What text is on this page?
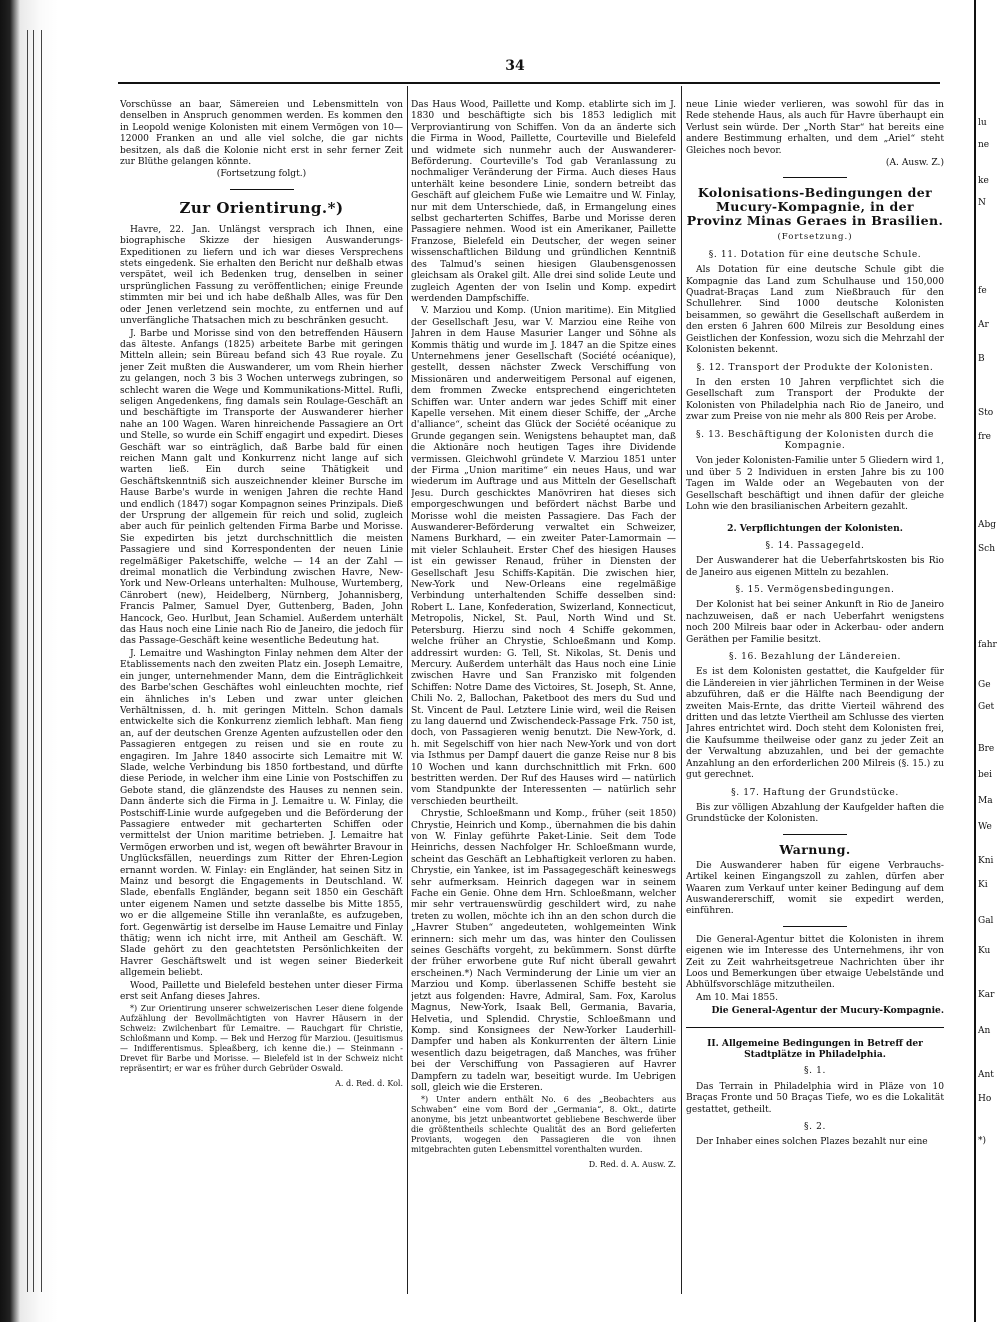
lu
ne
ke
N
fe
Ar
B
Sto
fre
Abg
Sch
fahr
Ge
Get
Bre
bei
Ma
We
Kni
Ki
Gal
Ku
Kar
An
Ant
Ho
*)
34

Vorschüsse an baar, Sämereien und Lebensmitteln von denselben in Anspruch genommen werden. Es kommen den in Leopold wenige Kolonisten mit einem Vermögen von 10—12000 Franken an und alle viel solche, die gar nichts besitzen, als daß die Kolonie nicht erst in sehr ferner Zeit zur Blüthe gelangen könnte.

(Fortsetzung folgt.)

Zur Orientirung.*)

Havre, 22. Jan. Unlängst versprach ich Ihnen, eine biographische Skizze der hiesigen Auswanderungs-Expeditionen zu liefern und ich war dieses Versprechens stets eingedenk. Sie erhalten den Bericht nur deßhalb etwas verspätet, weil ich Bedenken trug, denselben in seiner ursprünglichen Fassung zu veröffentlichen; einige Freunde stimmten mir bei und ich habe deßhalb Alles, was für Den oder Jenen verletzend sein mochte, zu entfernen und auf unverfängliche Thatsachen mich zu beschränken gesucht.

J. Barbe und Morisse sind von den betreffenden Häusern das älteste. Anfangs (1825) arbeitete Barbe mit geringen Mitteln allein; sein Büreau befand sich 43 Rue royale. Zu jener Zeit mußten die Auswanderer, um vom Rhein hierher zu gelangen, noch 3 bis 3 Wochen unterwegs zubringen, so schlecht waren die Wege und Kommunikations-Mittel. Rufli, seligen Angedenkens, fing damals sein Roulage-Geschäft an und beschäftigte im Transporte der Auswanderer hierher nahe an 100 Wagen. Waren hinreichende Passagiere an Ort und Stelle, so wurde ein Schiff engagirt und expedirt. Dieses Geschäft war so einträglich, daß Barbe bald für einen reichen Mann galt und Konkurrenz nicht lange auf sich warten ließ. Ein durch seine Thätigkeit und Geschäftskenntniß sich auszeichnender kleiner Bursche im Hause Barbe's wurde in wenigen Jahren die rechte Hand und endlich (1847) sogar Kompagnon seines Prinzipals. Dieß der Ursprung der allgemein für reich und solid, zugleich aber auch für peinlich geltenden Firma Barbe und Morisse. Sie expedirten bis jetzt durchschnittlich die meisten Passagiere und sind Korrespondenten der neuen Linie regelmäßiger Paketschiffe, welche — 14 an der Zahl — dreimal monatlich die Verbindung zwischen Havre, New-York und New-Orleans unterhalten: Mulhouse, Wurtemberg, Cänrobert (new), Heidelberg, Nürnberg, Johannisberg, Francis Palmer, Samuel Dyer, Guttenberg, Baden, John Hancock, Geo. Hurlbut, Jean Schamiel. Außerdem unterhält das Haus noch eine Linie nach Rio de Janeiro, die jedoch für das Passage-Geschäft keine wesentliche Bedeutung hat.

J. Lemaitre und Washington Finlay nehmen dem Alter der Etablissements nach den zweiten Platz ein. Joseph Lemaitre, ein junger, unternehmender Mann, dem die Einträglichkeit des Barbe'schen Geschäftes wohl einleuchten mochte, rief ein ähnliches in's Leben und zwar unter gleichen Verhältnissen, d. h. mit geringen Mitteln. Schon damals entwickelte sich die Konkurrenz ziemlich lebhaft. Man fieng an, auf der deutschen Grenze Agenten aufzustellen oder den Passagieren entgegen zu reisen und sie en route zu engagiren. Im Jahre 1840 associrte sich Lemaitre mit W. Slade, welche Verbindung bis 1850 fortbestand, und dürfte diese Periode, in welcher ihm eine Linie von Postschiffen zu Gebote stand, die glänzendste des Hauses zu nennen sein. Dann änderte sich die Firma in J. Lemaitre u. W. Finlay, die Postschiff-Linie wurde aufgegeben und die Beförderung der Passagiere entweder mit gecharterten Schiffen oder vermittelst der Union maritime betrieben. J. Lemaitre hat Vermögen erworben und ist, wegen oft bewährter Bravour in Unglücksfällen, neuerdings zum Ritter der Ehren-Legion ernannt worden. W. Finlay: ein Engländer, hat seinen Sitz in Mainz und besorgt die Engagements in Deutschland. W. Slade, ebenfalls Engländer, begann seit 1850 ein Geschäft unter eigenem Namen und setzte dasselbe bis Mitte 1855, wo er die allgemeine Stille ihn veranlaßte, es aufzugeben, fort. Gegenwärtig ist derselbe im Hause Lemaitre und Finlay thätig; wenn ich nicht irre, mit Antheil am Geschäft. W. Slade gehört zu den geachtetsten Persönlichkeiten der Havrer Geschäftswelt und ist wegen seiner Biederkeit allgemein beliebt.

Wood, Paillette und Bielefeld bestehen unter dieser Firma erst seit Anfang dieses Jahres.

*) Zur Orientirung unserer schweizerischen Leser diene folgende Aufzählung der Bevollmächtigten von Havrer Häusern in der Schweiz: Zwilchenbart für Lemaitre. — Rauchgart für Christie, Schloßmann und Komp. — Bek und Herzog für Marziou. (Jesuitismus — Indifferentismus. Spleaßberg, ich kenne die.) — Steinmann - Drevet für Barbe und Morisse. — Bielefeld ist in der Schweiz nicht repräsentirt; er war es früher durch Gebrüder Oswald.

A. d. Red. d. Kol.

Das Haus Wood, Paillette und Komp. etablirte sich im J. 1830 und beschäftigte sich bis 1853 lediglich mit Verproviantirung von Schiffen. Von da an änderte sich die Firma in Wood, Paillette, Courteville und Bielefeld und widmete sich nunmehr auch der Auswanderer-Beförderung. Courteville's Tod gab Veranlassung zu nochmaliger Veränderung der Firma. Auch dieses Haus unterhält keine besondere Linie, sondern betreibt das Geschäft auf gleichem Fuße wie Lemaitre und W. Finlay, nur mit dem Unterschiede, daß, in Ermangelung eines selbst gecharterten Schiffes, Barbe und Morisse deren Passagiere nehmen. Wood ist ein Amerikaner, Paillette Franzose, Bielefeld ein Deutscher, der wegen seiner wissenschaftlichen Bildung und gründlichen Kenntniß des Talmud's seinen hiesigen Glaubensgenossen gleichsam als Orakel gilt. Alle drei sind solide Leute und zugleich Agenten der von Iselin und Komp. expedirt werdenden Dampfschiffe.

V. Marziou und Komp. (Union maritime). Ein Mitglied der Gesellschaft Jesu, war V. Marziou eine Reihe von Jahren in dem Hause Masurier Langer und Söhne als Kommis thätig und wurde im J. 1847 an die Spitze eines Unternehmens jener Gesellschaft (Société océanique), gestellt, dessen nächster Zweck Verschiffung von Missionären und anderweitigem Personal auf eigenen, dem frommen Zwecke entsprechend eingerichteten Schiffen war. Unter andern war jedes Schiff mit einer Kapelle versehen. Mit einem dieser Schiffe, der „Arche d'alliance“, scheint das Glück der Société océanique zu Grunde gegangen sein. Wenigstens behauptet man, daß die Aktionäre noch heutigen Tages ihre Dividende vermissen. Gleichwohl gründete V. Marziou 1851 unter der Firma „Union maritime“ ein neues Haus, und war wiederum im Auftrage und aus Mitteln der Gesellschaft Jesu. Durch geschicktes Manövriren hat dieses sich emporgeschwungen und befördert nächst Barbe und Morisse wohl die meisten Passagiere. Das Fach der Auswanderer-Beförderung verwaltet ein Schweizer, Namens Burkhard, — ein zweiter Pater-Lamormain — mit vieler Schlauheit. Erster Chef des hiesigen Hauses ist ein gewisser Renaud, früher in Diensten der Gesellschaft Jesu Schiffs-Kapitän. Die zwischen hier, New-York und New-Orleans eine regelmäßige Verbindung unterhaltenden Schiffe desselben sind: Robert L. Lane, Konfederation, Swizerland, Konnecticut, Metropolis, Nickel, St. Paul, North Wind und St. Petersburg. Hierzu sind noch 4 Schiffe gekommen, welche früher an Chrystie, Schloeßmann und Komp. addressirt wurden: G. Tell, St. Nikolas, St. Denis und Mercury. Außerdem unterhält das Haus noch eine Linie zwischen Havre und San Franzisko mit folgenden Schiffen: Notre Dame des Victoires, St. Joseph, St. Anne, Chili No. 2, Ballochan, Paketboot des mers du Sud und St. Vincent de Paul. Letztere Linie wird, weil die Reisen zu lang dauernd und Zwischendeck-Passage Frk. 750 ist, doch, von Passagieren wenig benutzt. Die New-York, d. h. mit Segelschiff von hier nach New-York und von dort via Isthmus per Dampf dauert die ganze Reise nur 8 bis 10 Wochen und kann durchschnittlich mit Frkn. 600 bestritten werden. Der Ruf des Hauses wird — natürlich vom Standpunkte der Interessenten — natürlich sehr verschieden beurtheilt.

Chrystie, Schloeßmann und Komp., früher (seit 1850) Chrystie, Heinrich und Komp., übernahmen die bis dahin von W. Finlay geführte Paket-Linie. Seit dem Tode Heinrichs, dessen Nachfolger Hr. Schloeßmann wurde, scheint das Geschäft an Lebhaftigkeit verloren zu haben. Chrystie, ein Yankee, ist im Passagegeschäft keineswegs sehr aufmerksam. Heinrich dagegen war in seinem Fache ein Genie. Ohne dem Hrn. Schloeßmann, welcher mir sehr vertrauenswürdig geschildert wird, zu nahe treten zu wollen, möchte ich ihn an den schon durch die „Havrer Stuben“ angedeuteten, wohlgemeinten Wink erinnern: sich mehr um das, was hinter den Coulissen seines Geschäfts vorgeht, zu bekümmern. Sonst dürfte der früher erworbene gute Ruf nicht überall gewahrt erscheinen.*) Nach Verminderung der Linie um vier an Marziou und Komp. überlassenen Schiffe besteht sie jetzt aus folgenden: Havre, Admiral, Sam. Fox, Karolus Magnus, New-York, Isaak Bell, Germania, Bavaria, Helvetia, und Splendid. Chrystie, Schloeßmann und Komp. sind Konsignees der New-Yorker Lauderhill-Dampfer und haben als Konkurrenten der ältern Linie wesentlich dazu beigetragen, daß Manches, was früher bei der Verschiffung von Passagieren auf Havrer Dampfern zu tadeln war, beseitigt wurde. Im Uebrigen soll, gleich wie die Ersteren.

*) Unter andern enthält No. 6 des „Beobachters aus Schwaben“ eine vom Bord der „Germania“, 8. Okt., datirte anonyme, bis jetzt unbeantwortet gebliebene Beschwerde über die größtentheils schlechte Qualität des an Bord gelieferten Proviants, wogegen den Passagieren die von ihnen mitgebrachten guten Lebensmittel vorenthalten wurden.

D. Red. d. A. Ausw. Z.

neue Linie wieder verlieren, was sowohl für das in Rede stehende Haus, als auch für Havre überhaupt ein Verlust sein würde. Der „North Star“ hat bereits eine andere Bestimmung erhalten, und dem „Ariel“ steht Gleiches noch bevor.

(A. Ausw. Z.)
Kolonisations-Bedingungen der Mucury-Kompagnie, in der Provinz Minas Geraes in Brasilien.
(Fortsetzung.)
§. 11. Dotation für eine deutsche Schule.

Als Dotation für eine deutsche Schule gibt die Kompagnie das Land zum Schulhause und 150,000 Quadrat-Braças Land zum Nießbrauch für den Schullehrer. Sind 1000 deutsche Kolonisten beisammen, so gewährt die Gesellschaft außerdem in den ersten 6 Jahren 600 Milreis zur Besoldung eines Geistlichen der Konfession, wozu sich die Mehrzahl der Kolonisten bekennt.

§. 12. Transport der Produkte der Kolonisten.

In den ersten 10 Jahren verpflichtet sich die Gesellschaft zum Transport der Produkte der Kolonisten von Philadelphia nach Rio de Janeiro, und zwar zum Preise von nie mehr als 800 Reis per Arobe.

§. 13. Beschäftigung der Kolonisten durch die Kompagnie.

Von jeder Kolonisten-Familie unter 5 Gliedern wird 1, und über 5 2 Individuen in ersten Jahre bis zu 100 Tagen im Walde oder an Wegebauten von der Gesellschaft beschäftigt und ihnen dafür der gleiche Lohn wie den brasilianischen Arbeitern gezahlt.

2. Verpflichtungen der Kolonisten.
§. 14. Passagegeld.

Der Auswanderer hat die Ueberfahrtskosten bis Rio de Janeiro aus eigenen Mitteln zu bezahlen.

§. 15. Vermögensbedingungen.

Der Kolonist hat bei seiner Ankunft in Rio de Janeiro nachzuweisen, daß er nach Ueberfahrt wenigstens noch 200 Milreis baar oder in Ackerbau- oder andern Geräthen per Familie besitzt.

§. 16. Bezahlung der Ländereien.

Es ist dem Kolonisten gestattet, die Kaufgelder für die Ländereien in vier jährlichen Terminen in der Weise abzuführen, daß er die Hälfte nach Beendigung der zweiten Mais-Ernte, das dritte Vierteil während des dritten und das letzte Viertheil am Schlusse des vierten Jahres entrichtet wird. Doch steht dem Kolonisten frei, die Kaufsumme theilweise oder ganz zu jeder Zeit an der Verwaltung abzuzahlen, und bei der gemachte Anzahlung an den erforderlichen 200 Milreis (§. 15.) zu gut gerechnet.

§. 17. Haftung der Grundstücke.

Bis zur völligen Abzahlung der Kaufgelder haften die Grundstücke der Kolonisten.

Warnung.

Die Auswanderer haben für eigene Verbrauchs-Artikel keinen Eingangszoll zu zahlen, dürfen aber Waaren zum Verkauf unter keiner Bedingung auf dem Auswandererschiff, womit sie expedirt werden, einführen.

Die General-Agentur bittet die Kolonisten in ihrem eigenen wie im Interesse des Unternehmens, ihr von Zeit zu Zeit wahrheitsgetreue Nachrichten über ihr Loos und Bemerkungen über etwaige Uebelstände und Abhülfsvorschläge mitzutheilen.

Am 10. Mai 1855.

Die General-Agentur der Mucury-Kompagnie.
II. Allgemeine Bedingungen in Betreff der Stadtplätze in Philadelphia.
§. 1.

Das Terrain in Philadelphia wird in Pläze von 10 Braças Fronte und 50 Braças Tiefe, wo es die Lokalität gestattet, getheilt.

§. 2.

Der Inhaber eines solchen Plazes bezahlt nur eine
